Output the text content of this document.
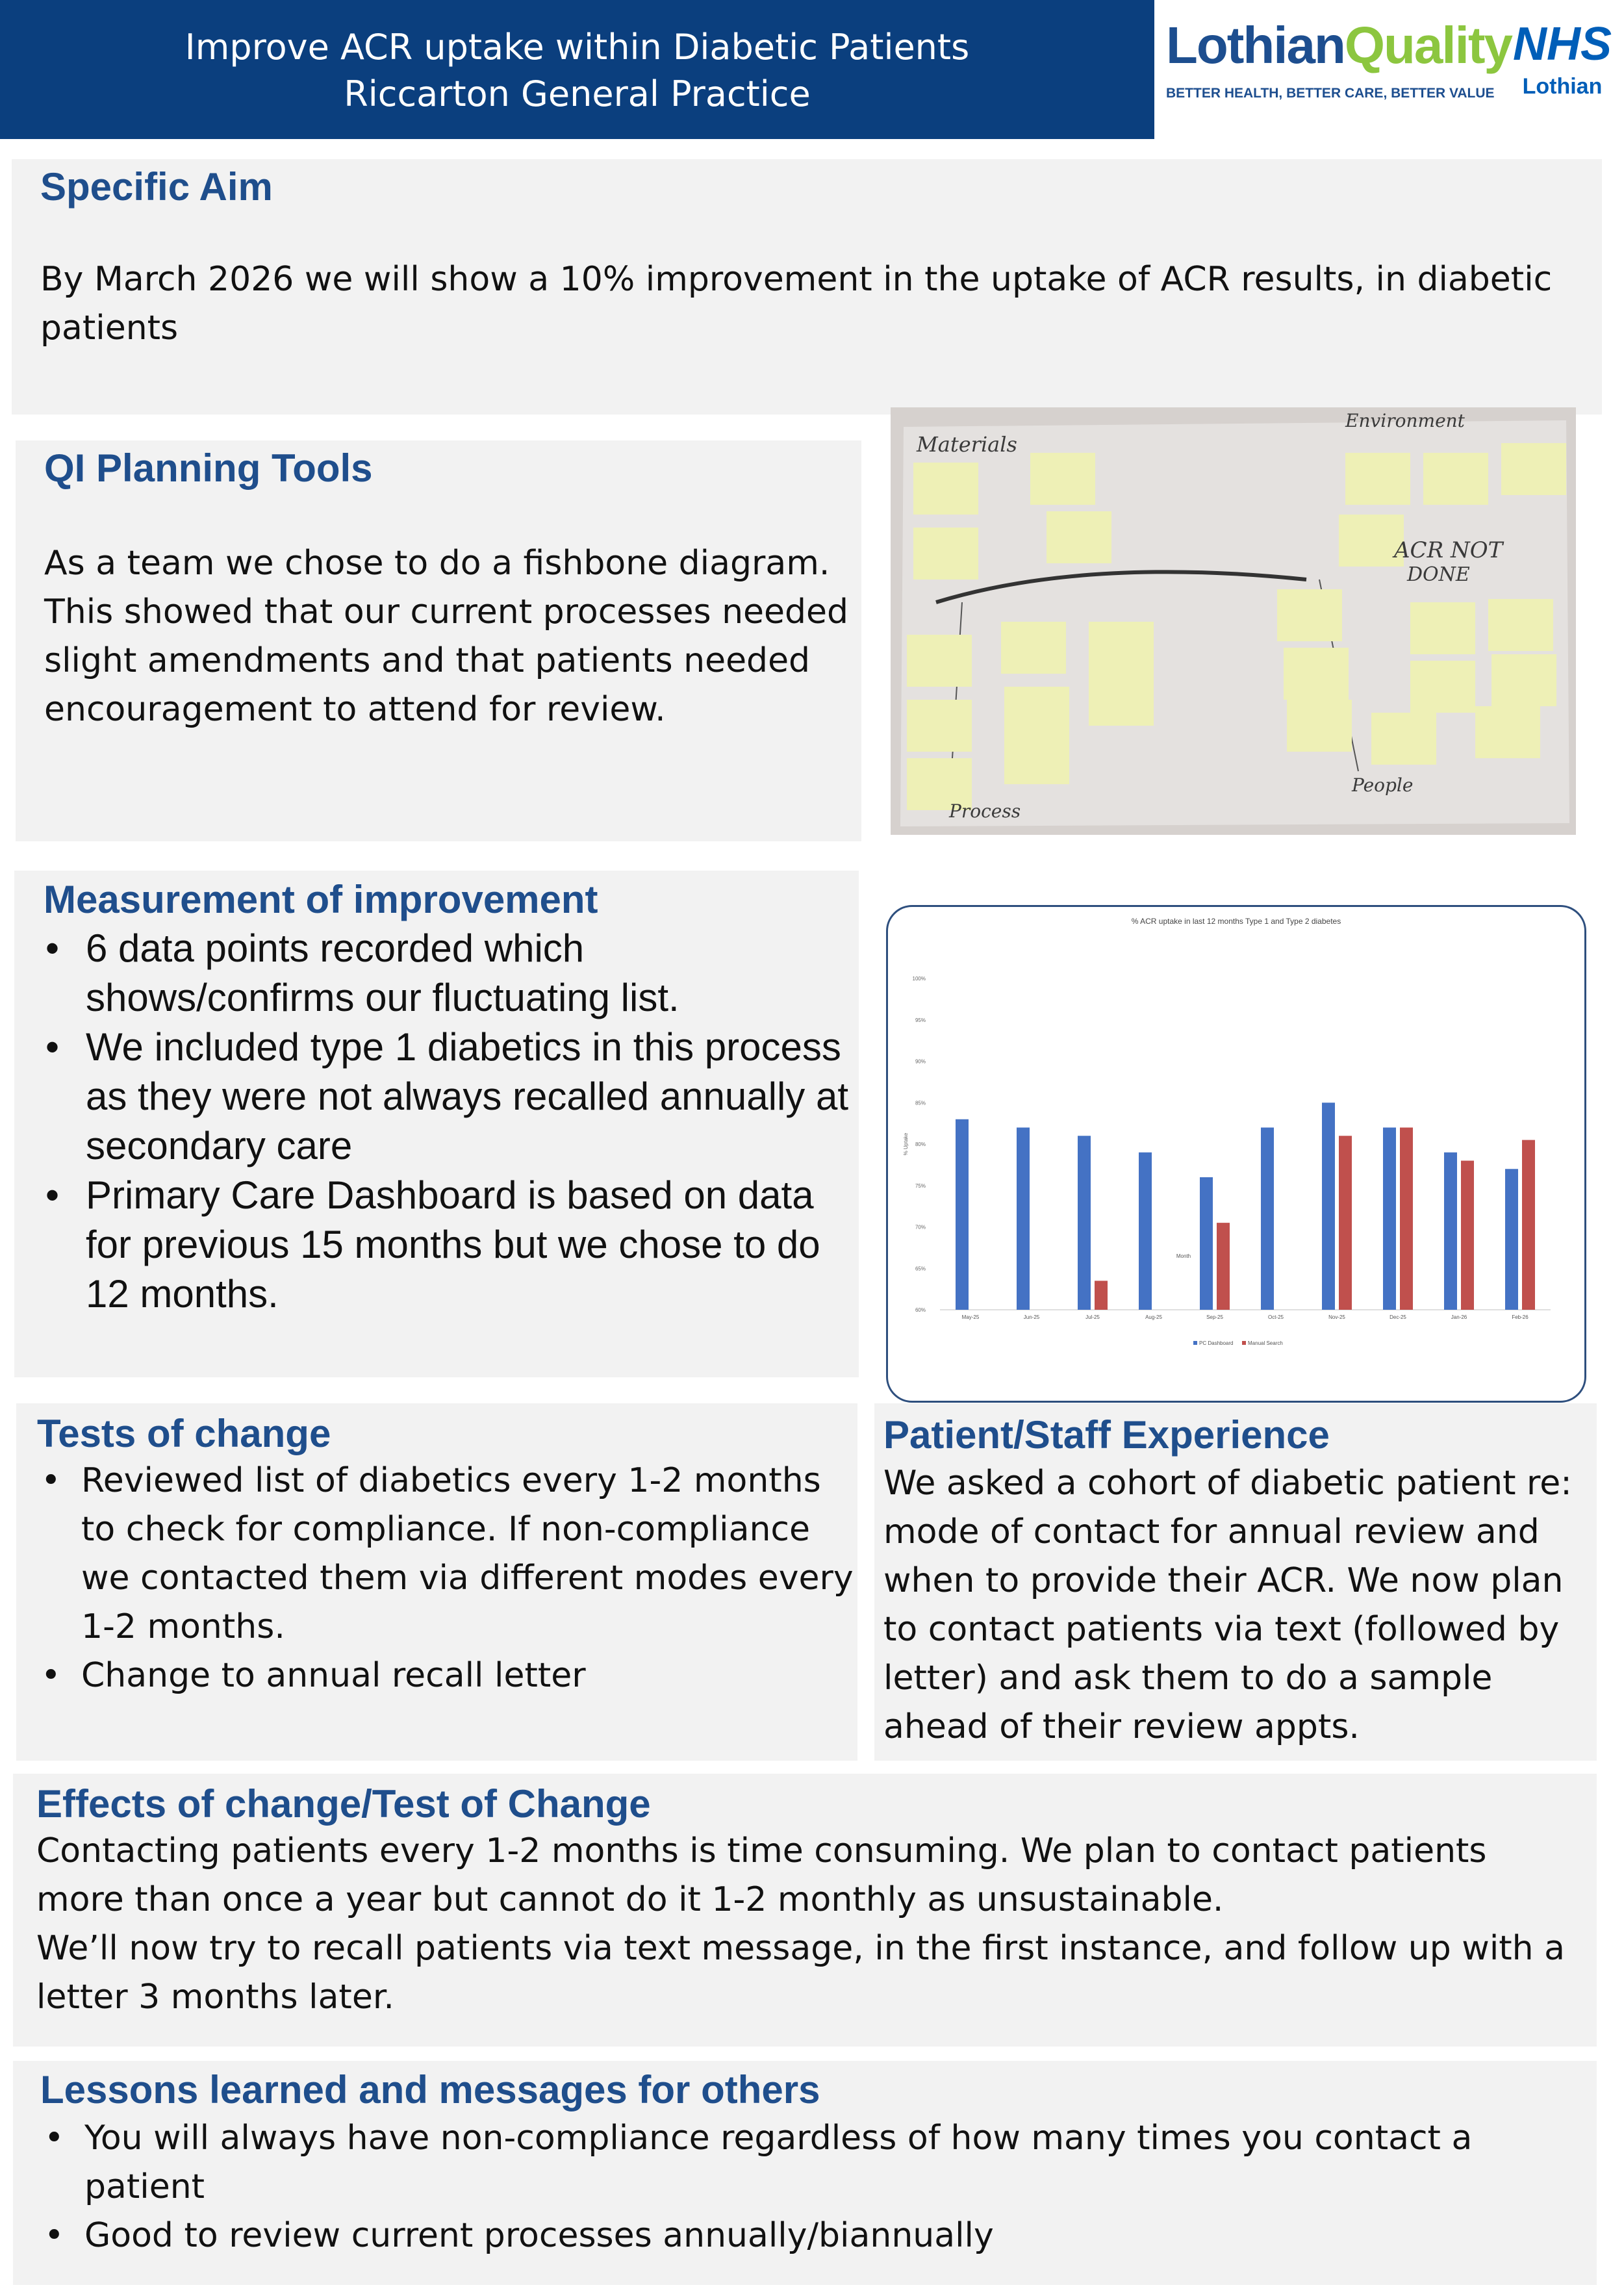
Improve ACR uptake within Diabetic Patients
Riccarton General Practice
LothianQuality
BETTER HEALTH, BETTER CARE, BETTER VALUE
NHS
Lothian
Specific Aim
By March 2026 we will show a 10% improvement in the uptake of ACR results, in diabetic patients
QI Planning Tools
As a team we chose to do a fishbone diagram. This showed that our current processes needed slight amendments and that patients needed encouragement to attend for review.
Materials
Environment
ACR NOT
DONE
Process
People
Measurement of improvement
• 6 data points recorded which shows/confirms our fluctuating list.
• We included type 1 diabetics in this process as they were not always recalled annually at secondary care
• Primary Care Dashboard is based on data for previous 15 months but we chose to do 12 months.
% ACR uptake in last 12 months Type 1 and Type 2 diabetes
60%
65%
70%
75%
80%
85%
90%
95%
100%
% Uptake
May-25	Jun-25	Jul-25	Aug-25	Sep-25	Oct-25	Nov-25	Dec-25	Jan-26	Feb-26
Month
PC Dashboard	Manual Search
Tests of change
• Reviewed list of diabetics every 1-2 months to check for compliance. If non-compliance we contacted them via different modes every 1-2 months.
• Change to annual recall letter
Patient/Staff Experience
We asked a cohort of diabetic patient re: mode of contact for annual review and when to provide their ACR. We now plan to contact patients via text (followed by letter) and ask them to do a sample ahead of their review appts.
Effects of change/Test of Change
Contacting patients every 1-2 months is time consuming. We plan to contact patients more than once a year but cannot do it 1-2 monthly as unsustainable.
We’ll now try to recall patients via text message, in the first instance, and follow up with a letter 3 months later.
Lessons learned and messages for others
• You will always have non-compliance regardless of how many times you contact a patient
• Good to review current processes annually/biannually
